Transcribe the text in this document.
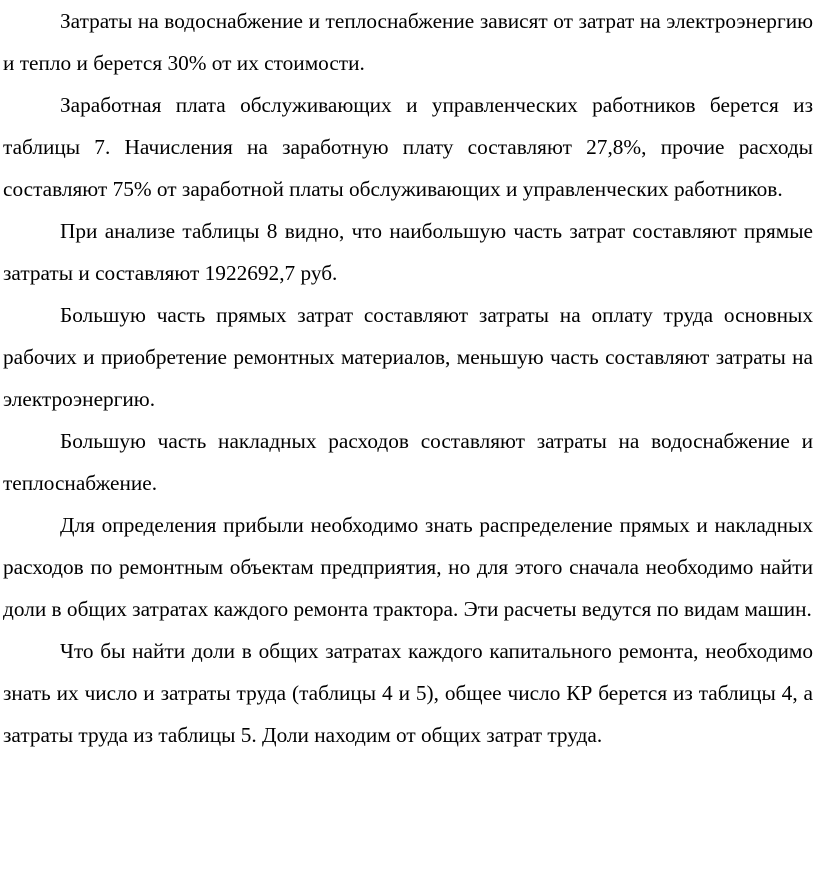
Затраты на водоснабжение и теплоснабжение зависят от затрат на электроэнергию и тепло и берется 30% от их стоимости.

Заработная плата обслуживающих и управленческих работников берется из таблицы 7. Начисления на заработную плату составляют 27,8%, прочие расходы составляют 75% от заработной платы обслуживающих и управленческих работников.

При анализе таблицы 8 видно, что наибольшую часть затрат составляют прямые затраты и составляют 1922692,7 руб.

Большую часть прямых затрат составляют затраты на оплату труда основных рабочих и приобретение ремонтных материалов, меньшую часть составляют затраты на электроэнергию.

Большую часть накладных расходов составляют затраты на водоснабжение и теплоснабжение.

Для определения прибыли необходимо знать распределение прямых и накладных расходов по ремонтным объектам предприятия, но для этого сначала необходимо найти доли в общих затратах каждого ремонта трактора. Эти расчеты ведутся по видам машин.

Что бы найти доли в общих затратах каждого капитального ремонта, необходимо знать их число и затраты труда (таблицы 4 и 5), общее число КР берется из таблицы 4, а затраты труда из таблицы 5. Доли находим от общих затрат труда.
